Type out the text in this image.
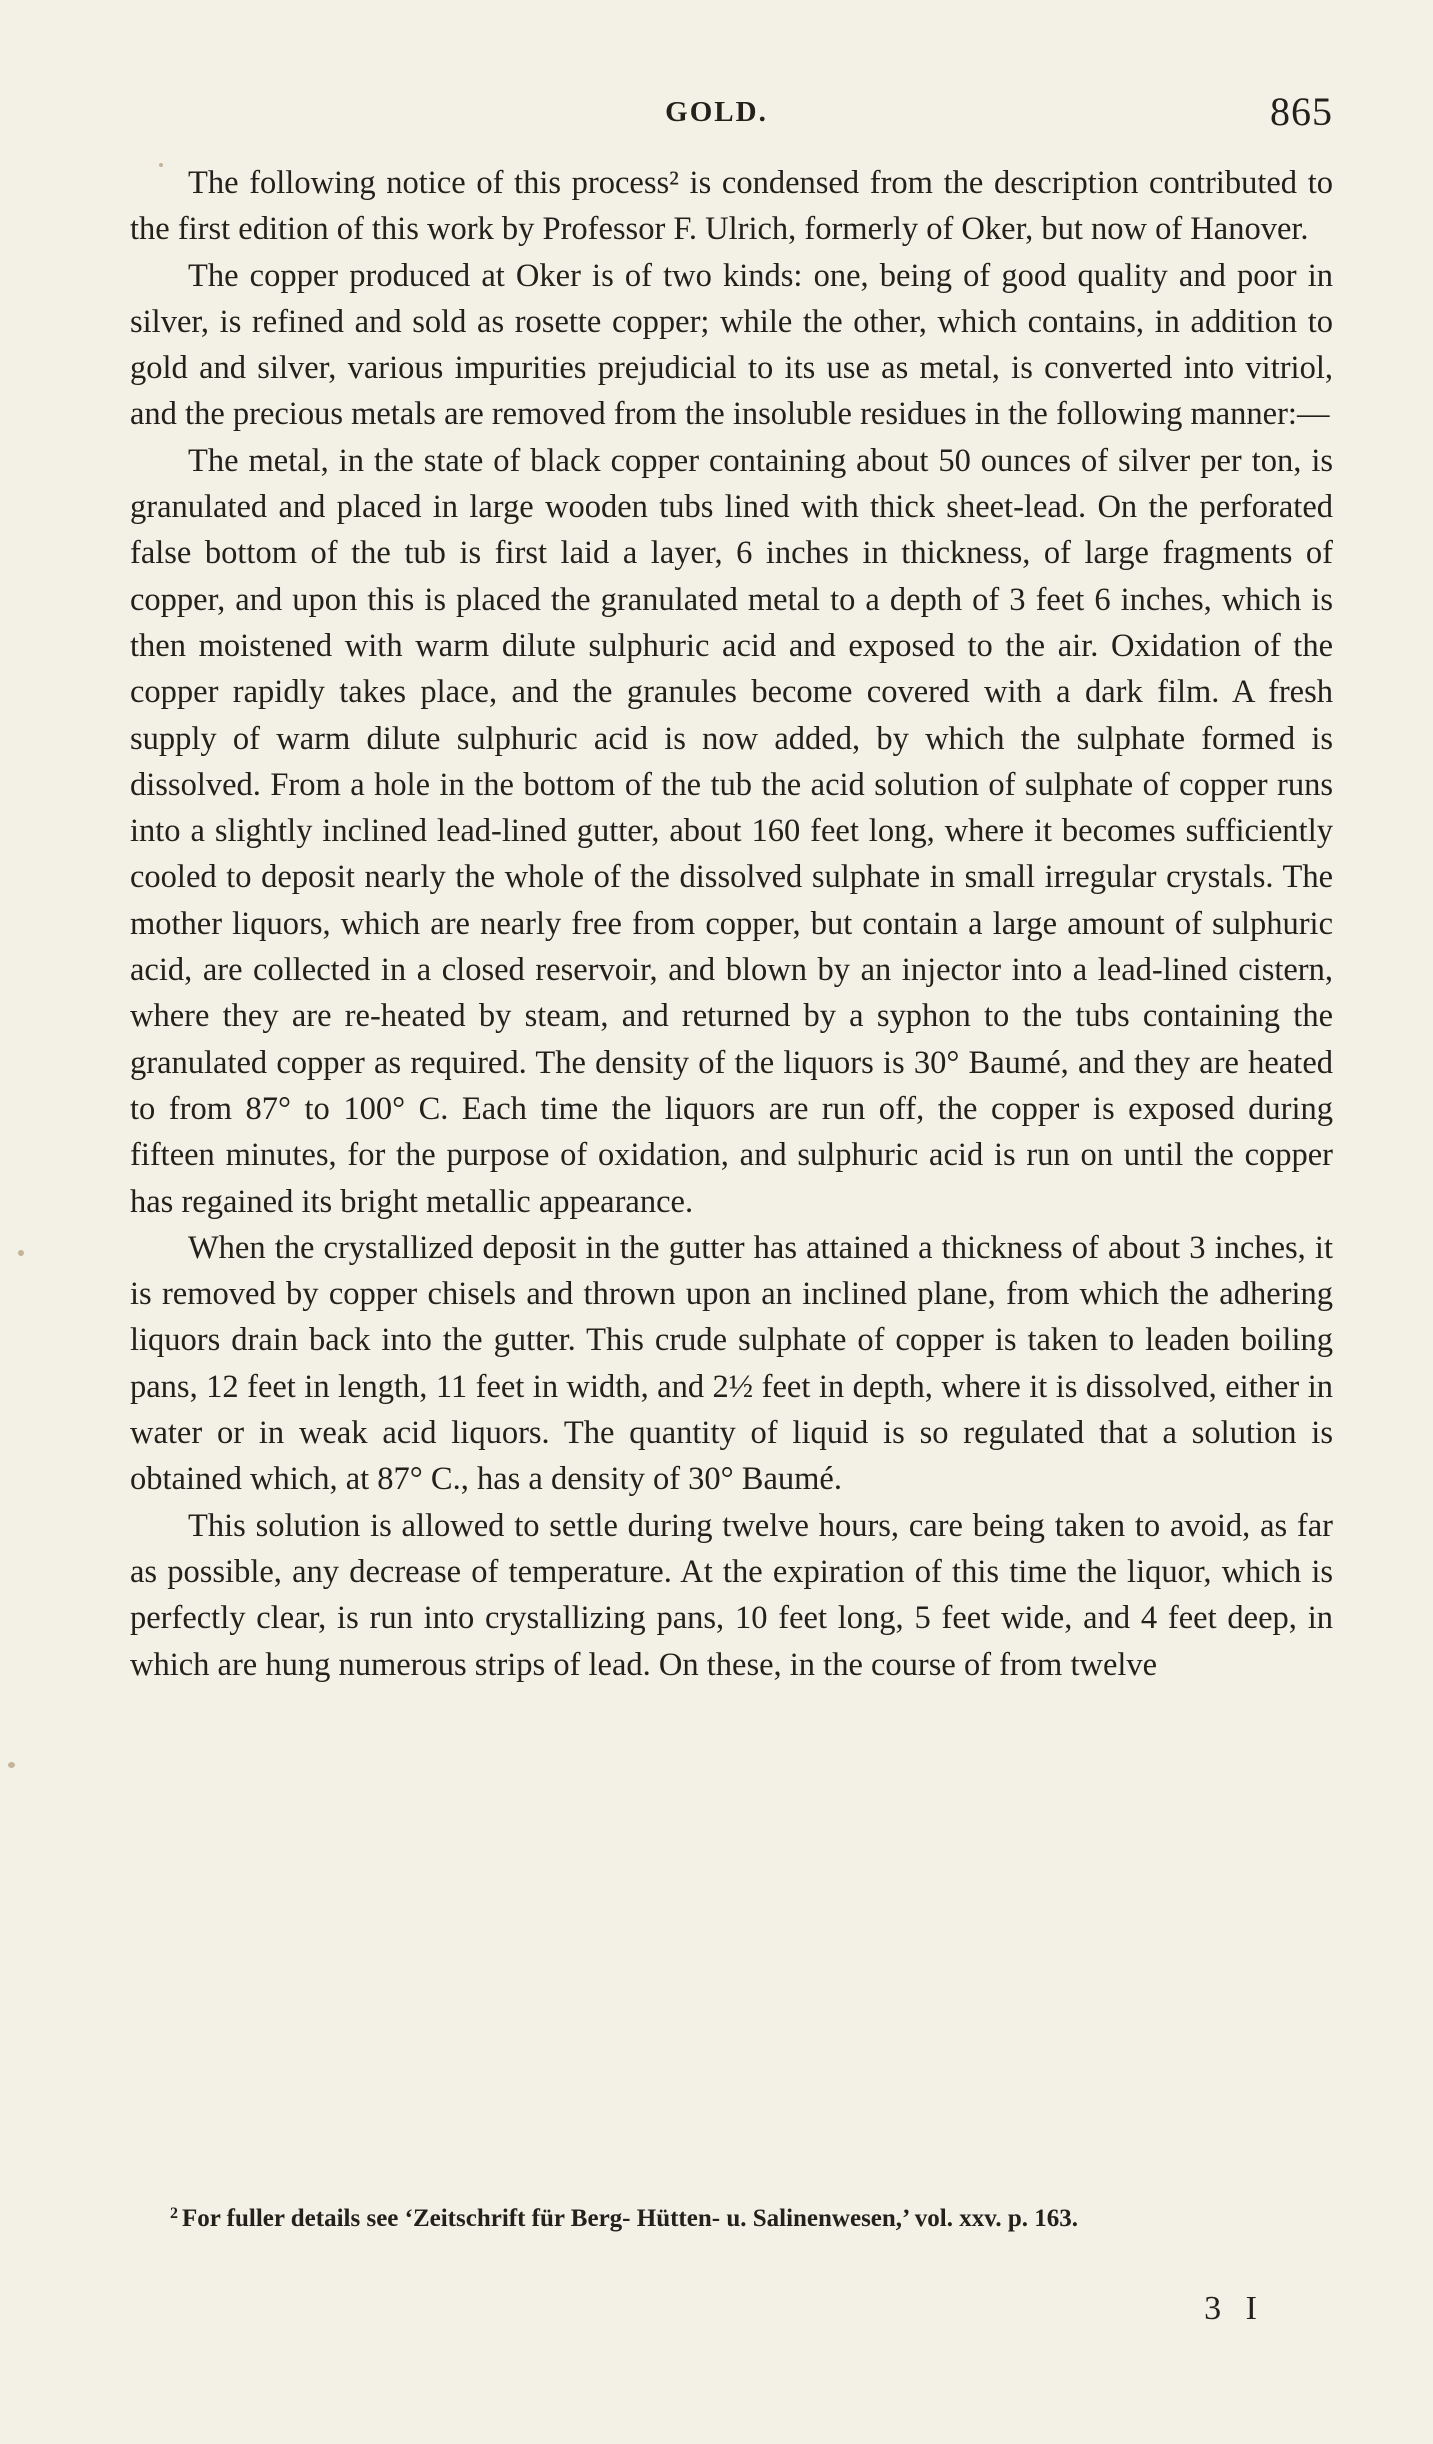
GOLD.	865

The following notice of this process² is condensed from the description contributed to the first edition of this work by Professor F. Ulrich, formerly of Oker, but now of Hanover.

The copper produced at Oker is of two kinds: one, being of good quality and poor in silver, is refined and sold as rosette copper; while the other, which contains, in addition to gold and silver, various impurities prejudicial to its use as metal, is converted into vitriol, and the precious metals are removed from the insoluble residues in the following manner:—

The metal, in the state of black copper containing about 50 ounces of silver per ton, is granulated and placed in large wooden tubs lined with thick sheet-lead. On the perforated false bottom of the tub is first laid a layer, 6 inches in thickness, of large fragments of copper, and upon this is placed the granulated metal to a depth of 3 feet 6 inches, which is then moistened with warm dilute sulphuric acid and exposed to the air. Oxidation of the copper rapidly takes place, and the granules become covered with a dark film. A fresh supply of warm dilute sulphuric acid is now added, by which the sulphate formed is dissolved. From a hole in the bottom of the tub the acid solution of sulphate of copper runs into a slightly inclined lead-lined gutter, about 160 feet long, where it becomes sufficiently cooled to deposit nearly the whole of the dissolved sulphate in small irregular crystals. The mother liquors, which are nearly free from copper, but contain a large amount of sulphuric acid, are collected in a closed reservoir, and blown by an injector into a lead-lined cistern, where they are re-heated by steam, and returned by a syphon to the tubs containing the granulated copper as required. The density of the liquors is 30° Baumé, and they are heated to from 87° to 100° C. Each time the liquors are run off, the copper is exposed during fifteen minutes, for the purpose of oxidation, and sulphuric acid is run on until the copper has regained its bright metallic appearance.

When the crystallized deposit in the gutter has attained a thickness of about 3 inches, it is removed by copper chisels and thrown upon an inclined plane, from which the adhering liquors drain back into the gutter. This crude sulphate of copper is taken to leaden boiling pans, 12 feet in length, 11 feet in width, and 2½ feet in depth, where it is dissolved, either in water or in weak acid liquors. The quantity of liquid is so regulated that a solution is obtained which, at 87° C., has a density of 30° Baumé.

This solution is allowed to settle during twelve hours, care being taken to avoid, as far as possible, any decrease of temperature. At the expiration of this time the liquor, which is perfectly clear, is run into crystallizing pans, 10 feet long, 5 feet wide, and 4 feet deep, in which are hung numerous strips of lead. On these, in the course of from twelve

$^2$ For fuller details see ‘Zeitschrift für Berg- Hütten- u. Salinenwesen,’ vol. xxv. p. 163.
3 I
